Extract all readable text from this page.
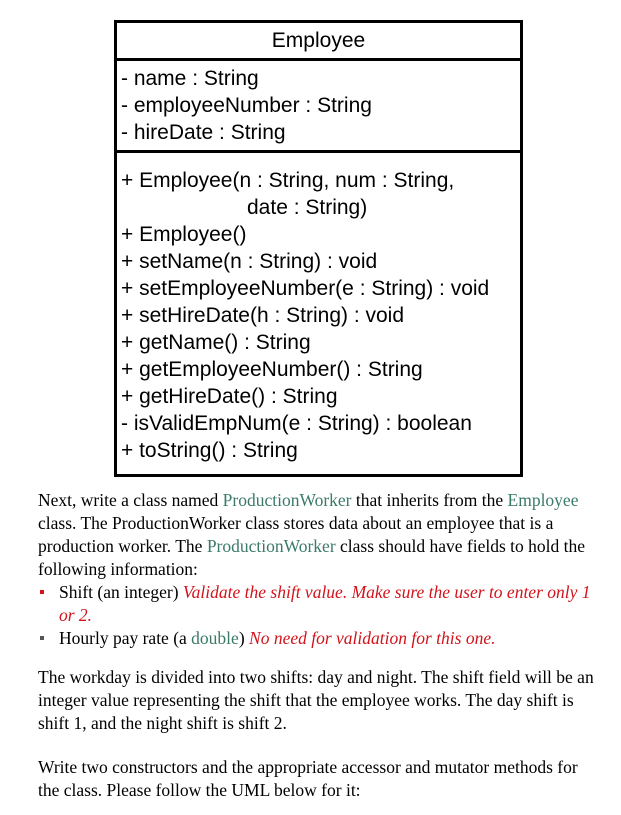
Employee
- name : String
- employeeNumber : String
- hireDate : String
+ Employee(n : String, num : String,
date : String)
+ Employee()
+ setName(n : String) : void
+ setEmployeeNumber(e : String) : void
+ setHireDate(h : String) : void
+ getName() : String
+ getEmployeeNumber() : String
+ getHireDate() : String
- isValidEmpNum(e : String) : boolean
+ toString() : String
Next, write a class named ProductionWorker that inherits from the Employee class. The ProductionWorker class stores data about an employee that is a production worker. The ProductionWorker class should have fields to hold the following information:
Shift (an integer) Validate the shift value. Make sure the user to enter only 1 or 2.
Hourly pay rate (a double) No need for validation for this one.
The workday is divided into two shifts: day and night. The shift field will be an integer value representing the shift that the employee works. The day shift is shift 1, and the night shift is shift 2.
Write two constructors and the appropriate accessor and mutator methods for the class. Please follow the UML below for it:
